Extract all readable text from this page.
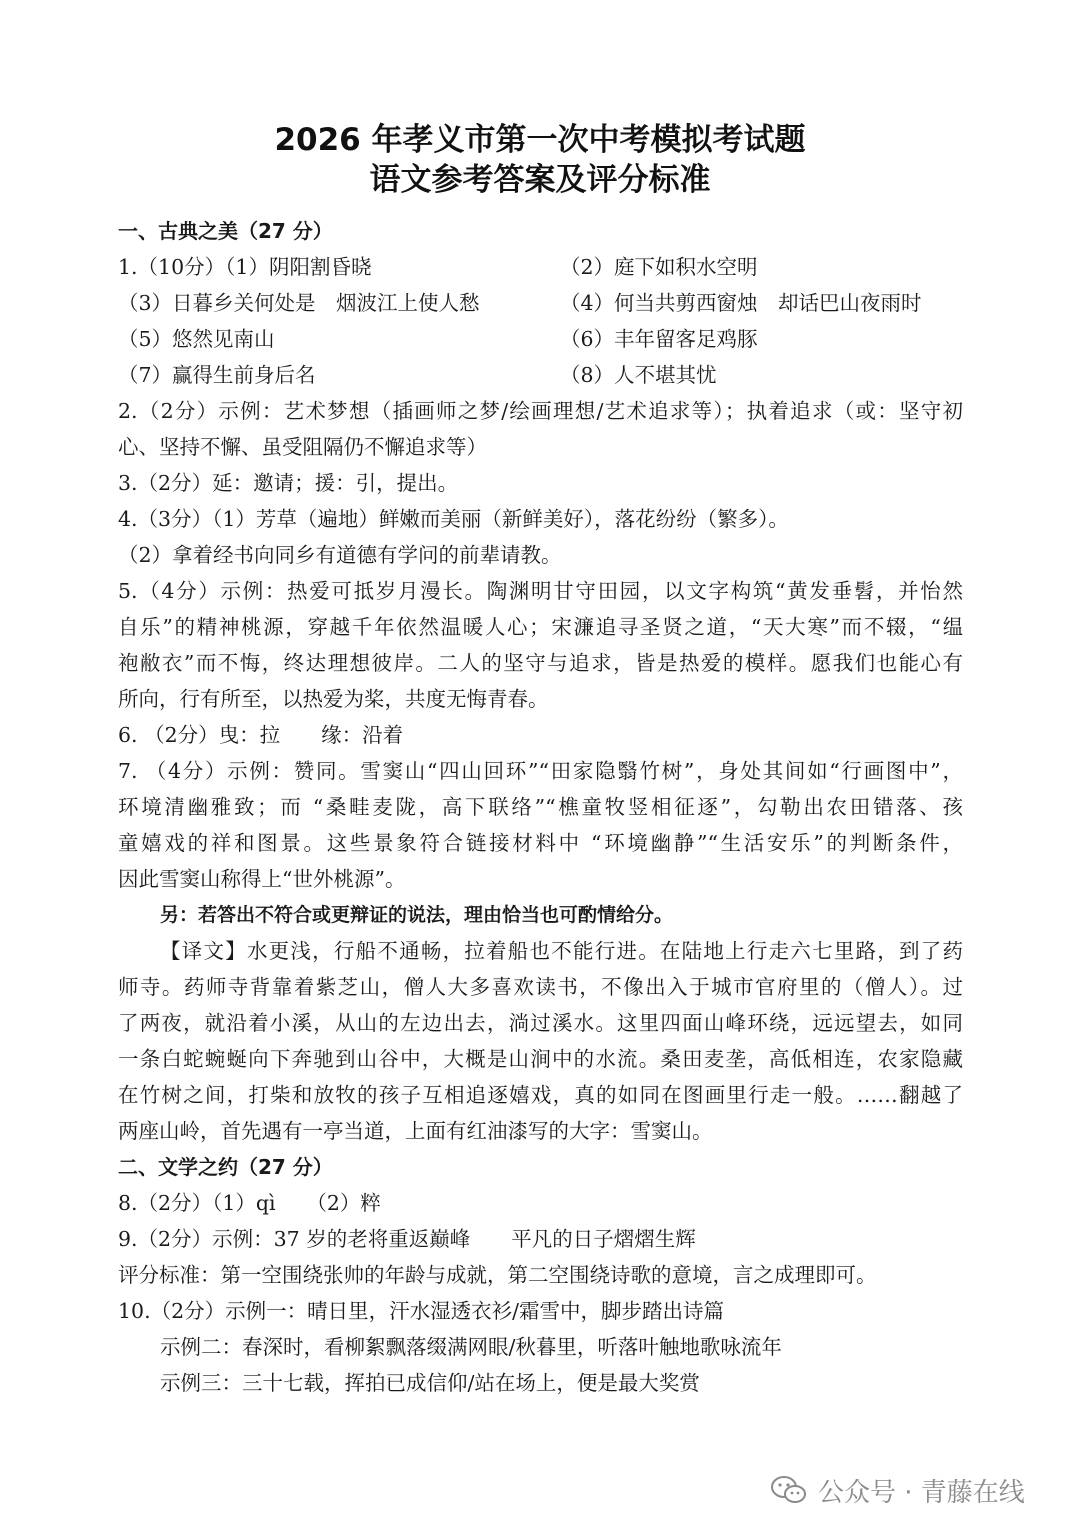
2026 年孝义市第一次中考模拟考试题
语文参考答案及评分标准
一、古典之美（27 分）
1.（10分）（1）阴阳割昏晓	（2）庭下如积水空明
（3）日暮乡关何处是　烟波江上使人愁	（4）何当共剪西窗烛　却话巴山夜雨时
（5）悠然见南山	（6）丰年留客足鸡豚
（7）赢得生前身后名	（8）人不堪其忧
2.（2分）示例：艺术梦想（插画师之梦/绘画理想/艺术追求等）；执着追求（或：坚守初
心、坚持不懈、虽受阻隔仍不懈追求等）
3.（2分）延：邀请；援：引，提出。
4.（3分）（1）芳草（遍地）鲜嫩而美丽（新鲜美好），落花纷纷（繁多）。
（2）拿着经书向同乡有道德有学问的前辈请教。
5.（4分）示例：热爱可抵岁月漫长。陶渊明甘守田园，以文字构筑“黄发垂髫，并怡然
自乐”的精神桃源，穿越千年依然温暖人心；宋濂追寻圣贤之道，“天大寒”而不辍，“缊
袍敝衣”而不悔，终达理想彼岸。二人的坚守与追求，皆是热爱的模样。愿我们也能心有
所向，行有所至，以热爱为桨，共度无悔青春。
6. （2分）曳：拉　　缘：沿着
7. （4分）示例：赞同。雪窦山“四山回环”“田家隐翳竹树”，身处其间如“行画图中”，
环境清幽雅致；而 “桑畦麦陇，高下联络”“樵童牧竖相征逐”，勾勒出农田错落、孩
童嬉戏的祥和图景。这些景象符合链接材料中 “环境幽静”“生活安乐”的判断条件，
因此雪窦山称得上“世外桃源”。
另：若答出不符合或更辩证的说法，理由恰当也可酌情给分。
【译文】水更浅，行船不通畅，拉着船也不能行进。在陆地上行走六七里路，到了药
师寺。药师寺背靠着紫芝山，僧人大多喜欢读书，不像出入于城市官府里的（僧人）。过
了两夜，就沿着小溪，从山的左边出去，淌过溪水。这里四面山峰环绕，远远望去，如同
一条白蛇蜿蜒向下奔驰到山谷中，大概是山涧中的水流。桑田麦垄，高低相连，农家隐藏
在竹树之间，打柴和放牧的孩子互相追逐嬉戏，真的如同在图画里行走一般。……翻越了
两座山岭，首先遇有一亭当道，上面有红油漆写的大字：雪窦山。
二、文学之约（27 分）
8.（2分）（1）qì　　（2）粹
9.（2分）示例：37 岁的老将重返巅峰　　平凡的日子熠熠生辉
评分标准：第一空围绕张帅的年龄与成就，第二空围绕诗歌的意境，言之成理即可。
10.（2分）示例一：晴日里，汗水湿透衣衫/霜雪中，脚步踏出诗篇
示例二：春深时，看柳絮飘落缀满网眼/秋暮里，听落叶触地歌咏流年
示例三：三十七载，挥拍已成信仰/站在场上，便是最大奖赏
公众号 · 青藤在线
